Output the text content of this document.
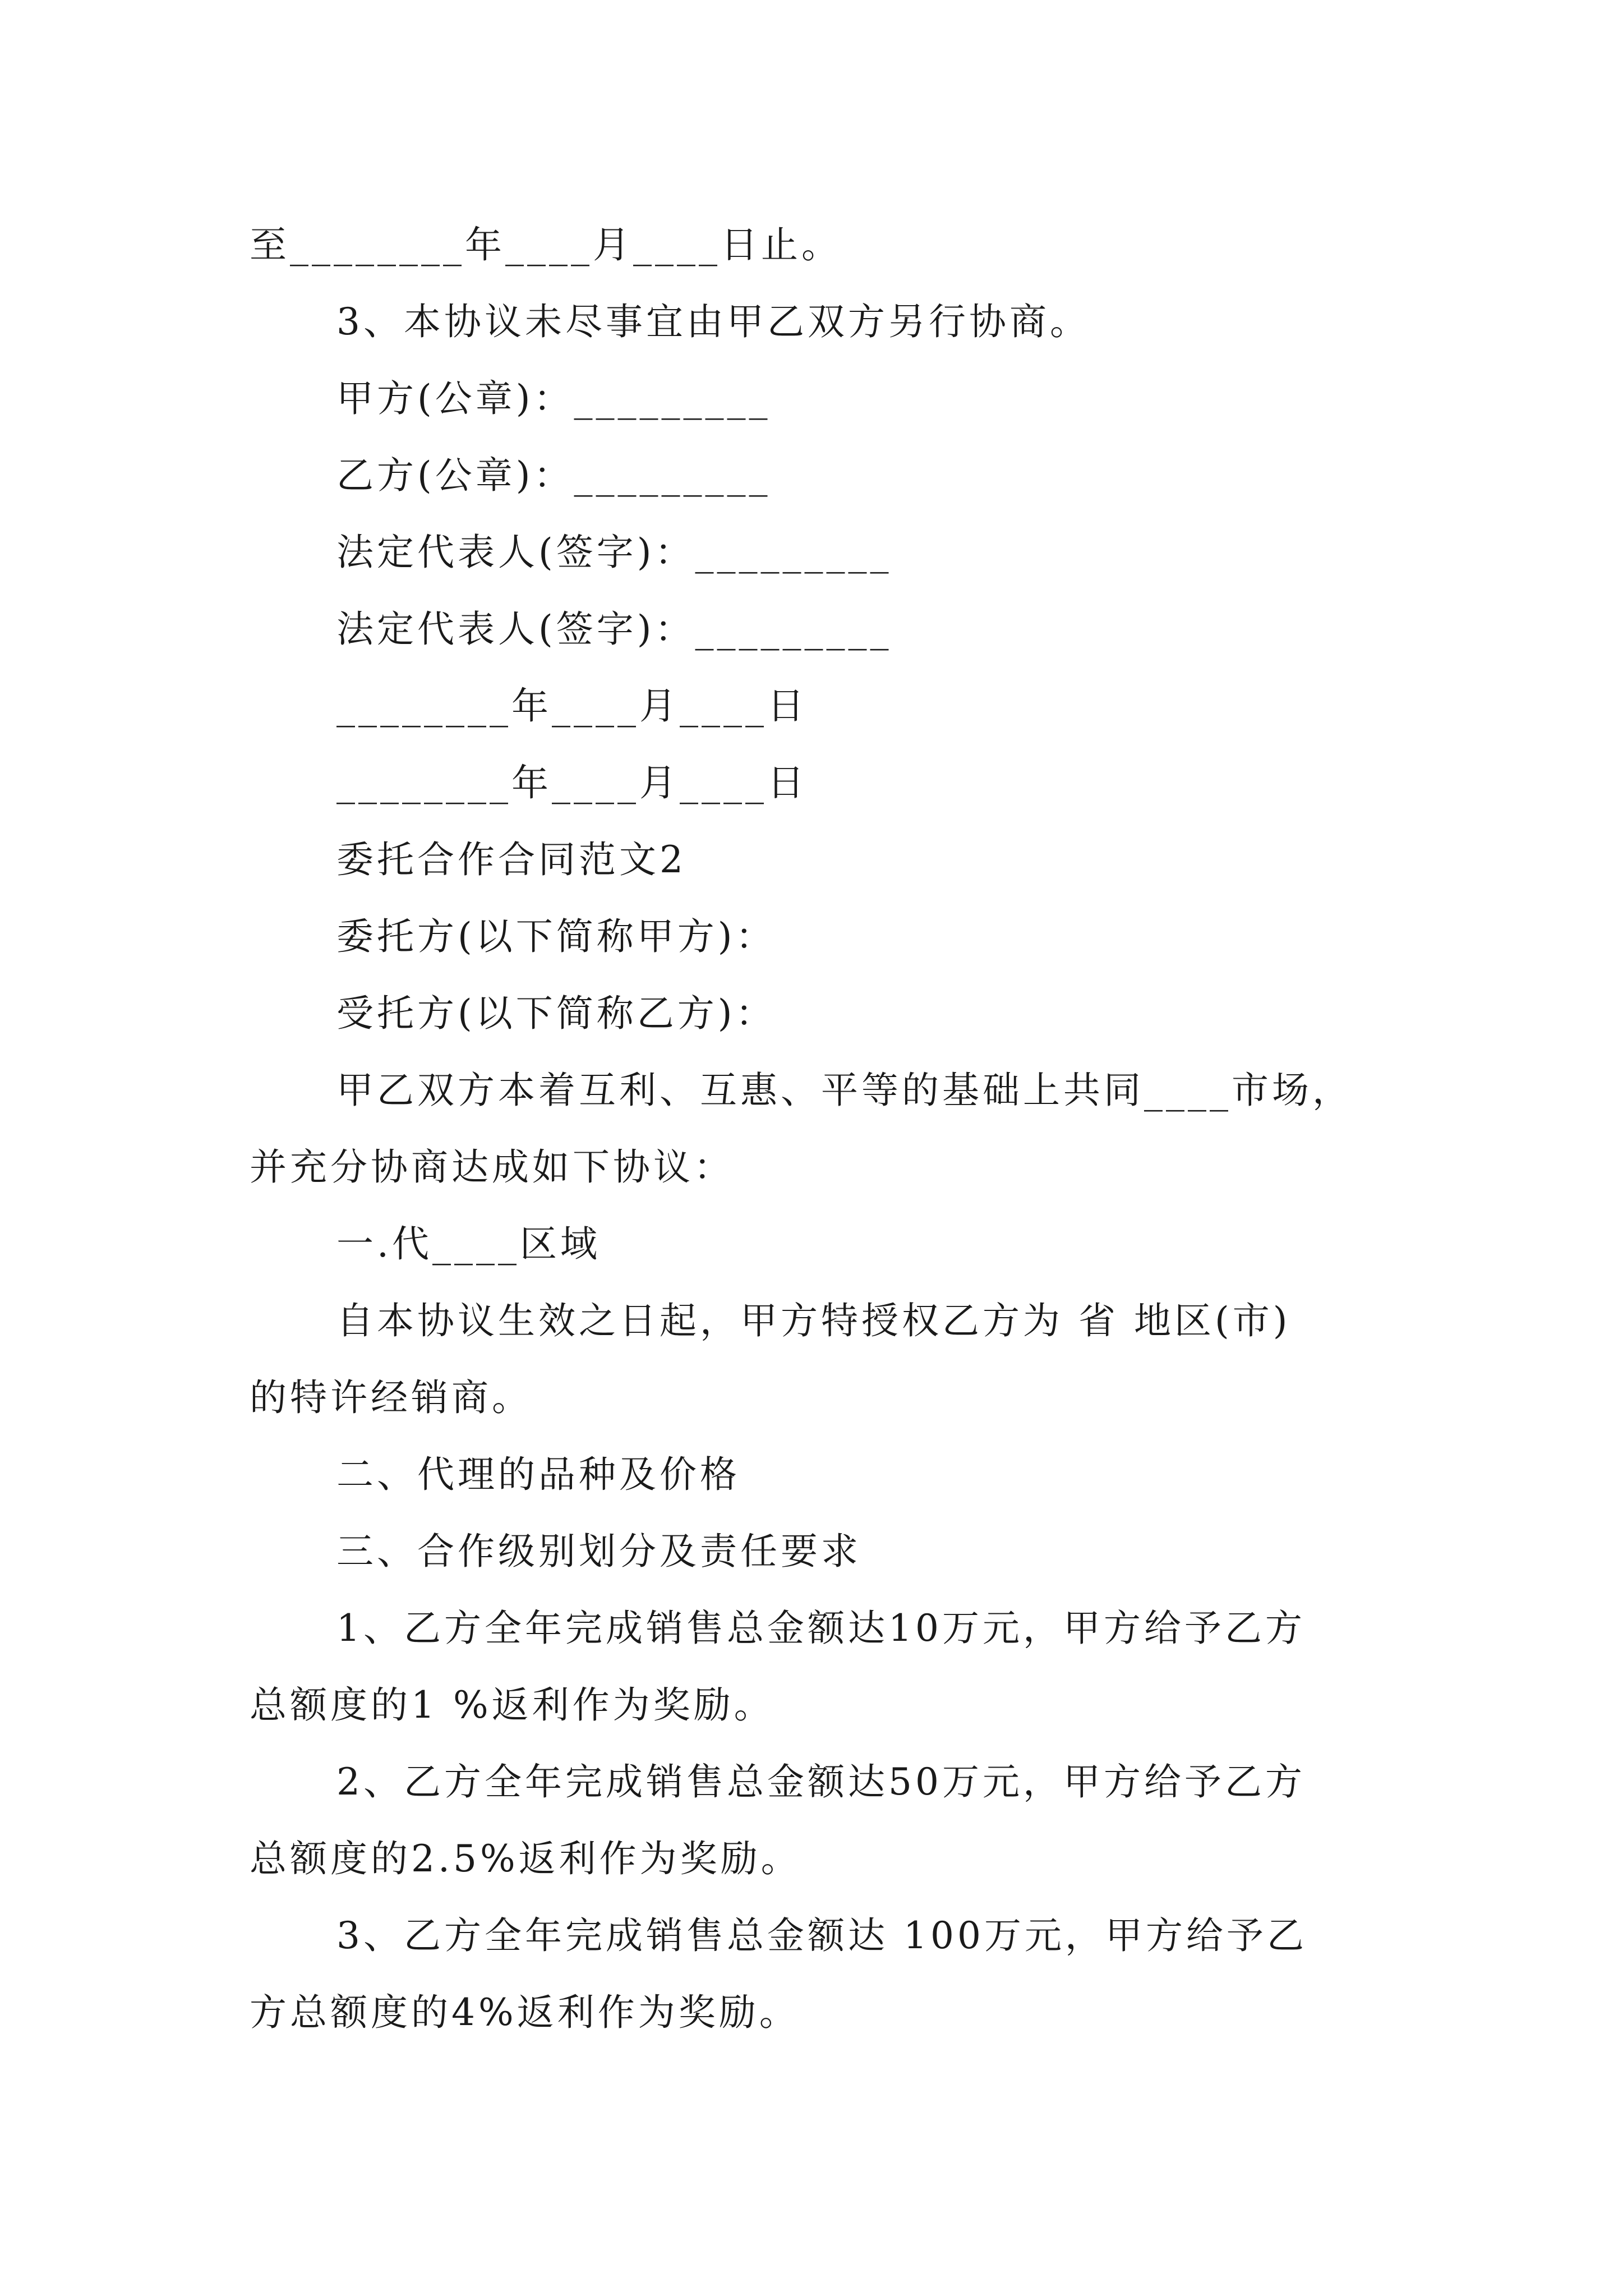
至________年____月____日止。
3、本协议未尽事宜由甲乙双方另行协商。
甲方(公章)：_________
乙方(公章)：_________
法定代表人(签字)：_________
法定代表人(签字)：_________
________年____月____日
________年____月____日
委托合作合同范文2
委托方(以下简称甲方)：
受托方(以下简称乙方)：
甲乙双方本着互利、互惠、平等的基础上共同____市场，
并充分协商达成如下协议：
一.代____区域
自本协议生效之日起，甲方特授权乙方为 省 地区(市)
的特许经销商。
二、代理的品种及价格
三、合作级别划分及责任要求
1、乙方全年完成销售总金额达10万元，甲方给予乙方
总额度的1 %返利作为奖励。
2、乙方全年完成销售总金额达50万元，甲方给予乙方
总额度的2.5%返利作为奖励。
3、乙方全年完成销售总金额达 100万元，甲方给予乙
方总额度的4%返利作为奖励。
